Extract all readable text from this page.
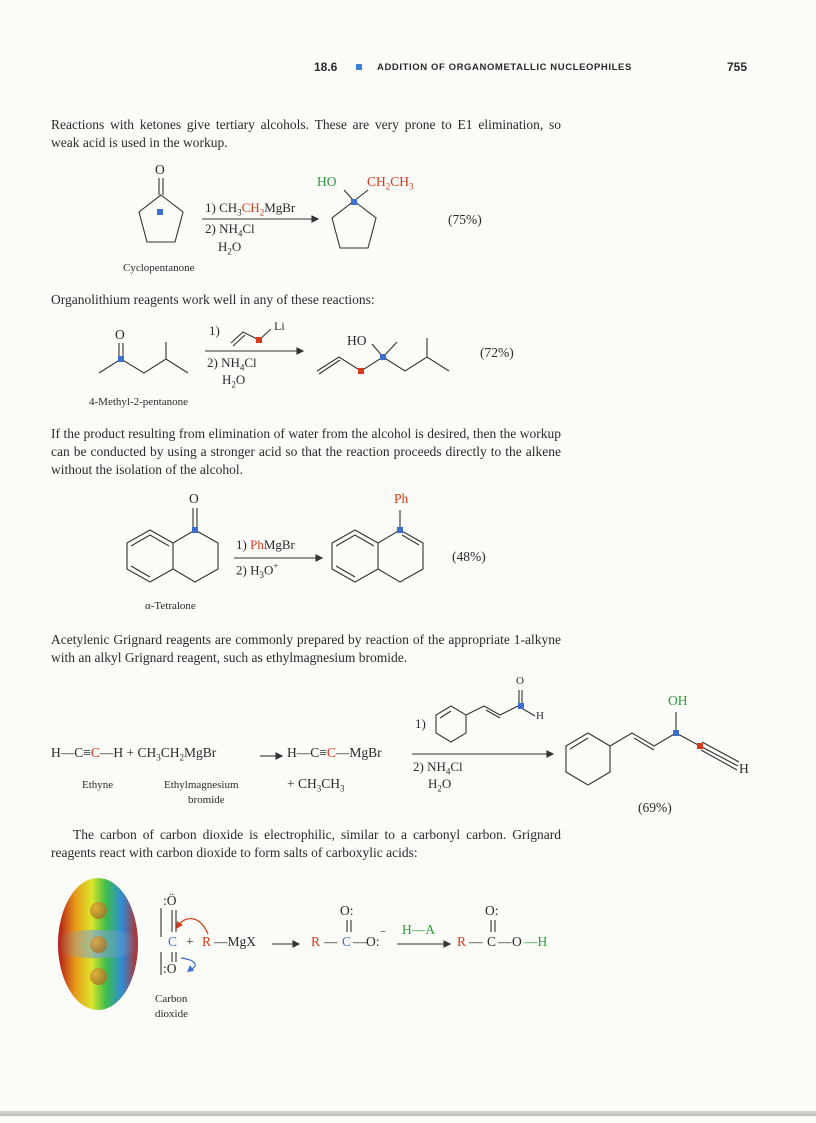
18.6	ADDITION OF ORGANOMETALLIC NUCLEOPHILES	755
Reactions with ketones give tertiary alcohols. These are very prone to E1 elimination, so weak acid is used in the workup.
Organolithium reagents work well in any of these reactions:
If the product resulting from elimination of water from the alcohol is desired, then the workup can be conducted by using a stronger acid so that the reaction proceeds directly to the alkene without the isolation of the alcohol.
Acetylenic Grignard reagents are commonly prepared by reaction of the appropriate 1-alkyne with an alkyl Grignard reagent, such as ethylmagnesium bromide.
The carbon of carbon dioxide is electrophilic, similar to a carbonyl carbon. Grignard reagents react with carbon dioxide to form salts of carboxylic acids:
O
1) $CH_3CH_2MgBr$
2) $NH_4Cl$
$H_2O$
HO $CH_2CH_3$
(75%)
Cyclopentanone
O	1)	Li
2) $NH_4Cl$
$H_2O$
HO
(72%)
4-Methyl-2-pentanone
O
1) PhMgBr
2) $H_3O^+$
Ph
(48%)
α-Tetralone
H—C≡C—H + $CH_3CH_2MgBr$	H—C≡C—MgBr
+ $CH_3CH_3$
1)
O
H
2) $NH_4Cl$
$H_2O$
OH
H
(69%)
Ethyne	Ethylmagnesium
bromide
:Ö
C
:O
+ R —MgX
O:
R — C — O:
− H—A
O:
R — C — O —H
Carbon
dioxide
